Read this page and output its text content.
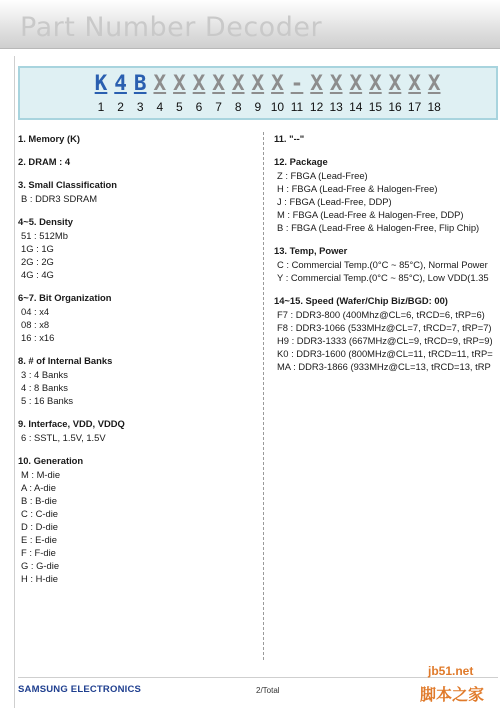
Part Number Decoder
K 4 B X X X X X X X - X X X X X X X
1	2	3	4	5	6	7	8	9 10 11 12 13 14 15 16 17 18
1. Memory (K)
2. DRAM : 4
3. Small Classification
B : DDR3 SDRAM
4~5. Density
51 : 512Mb
1G : 1G
2G : 2G
4G : 4G
6~7. Bit Organization
04 : x4
08 : x8
16 : x16
8. # of Internal Banks
3 : 4 Banks
4 : 8 Banks
5 : 16 Banks
9. Interface, VDD, VDDQ
6 : SSTL, 1.5V, 1.5V
10. Generation
M : M-die
A : A-die
B : B-die
C : C-die
D : D-die
E : E-die
F : F-die
G : G-die
H : H-die
11. "--"
12. Package
Z : FBGA (Lead-Free)
H : FBGA (Lead-Free & Halogen-Free)
J : FBGA (Lead-Free, DDP)
M : FBGA (Lead-Free & Halogen-Free, DDP)
B : FBGA (Lead-Free & Halogen-Free, Flip Chip)
13. Temp, Power
C : Commercial Temp.(0°C ~ 85°C), Normal Power
Y : Commercial Temp.(0°C ~ 85°C), Low VDD(1.35
14~15. Speed (Wafer/Chip Biz/BGD: 00)
F7 : DDR3-800 (400Mhz@CL=6, tRCD=6, tRP=6)
F8 : DDR3-1066 (533MHz@CL=7, tRCD=7, tRP=7)
H9 : DDR3-1333 (667MHz@CL=9, tRCD=9, tRP=9)
K0 : DDR3-1600 (800MHz@CL=11, tRCD=11, tRP=
MA : DDR3-1866 (933MHz@CL=13, tRCD=13, tRP
SAMSUNG ELECTRONICS	2/Total
jb51.net
脚本之家
